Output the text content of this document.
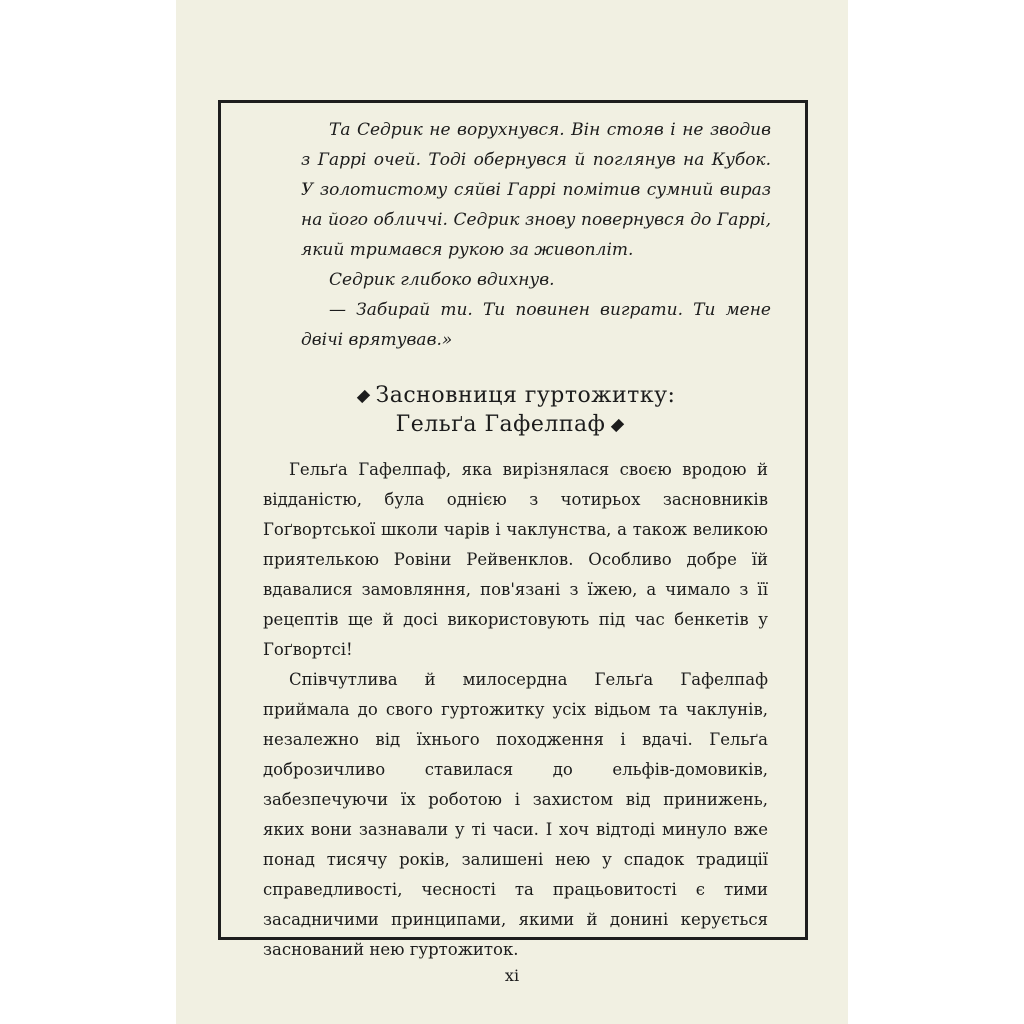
Та Седрик не ворухнувся. Він стояв і не зводив з Гаррі очей. Тоді обернувся й поглянув на Кубок. У золотистому сяйві Гаррі помітив сумний вираз на його обличчі. Седрик знову повернувся до Гаррі, який тримався рукою за живопліт.

Седрик глибоко вдихнув.

— Забирай ти. Ти повинен виграти. Ти мене двічі врятував.»

Засновниця гуртожитку:
Гельґа Гафелпаф

Гельґа Гафелпаф, яка вирізнялася своєю вродою й відданістю, була однією з чотирьох засновників Гоґвортської школи чарів і чаклунства, а також великою приятелькою Ровіни Рейвенклов. Особливо добре їй вдавалися замовляння, пов'язані з їжею, а чимало з її рецептів ще й досі використовують під час бенкетів у Гоґвортсі!

Співчутлива й милосердна Гельґа Гафелпаф приймала до свого гуртожитку усіх відьом та чаклунів, незалежно від їхнього походження і вдачі. Гельґа доброзичливо ставилася до ельфів-домовиків, забезпечуючи їх роботою і захистом від принижень, яких вони зазнавали у ті часи. І хоч відтоді минуло вже понад тисячу років, залишені нею у спадок традиції справедливості, чесності та працьовитості є тими засадничими принципами, якими й донині керується заснований нею гуртожиток.

xi
